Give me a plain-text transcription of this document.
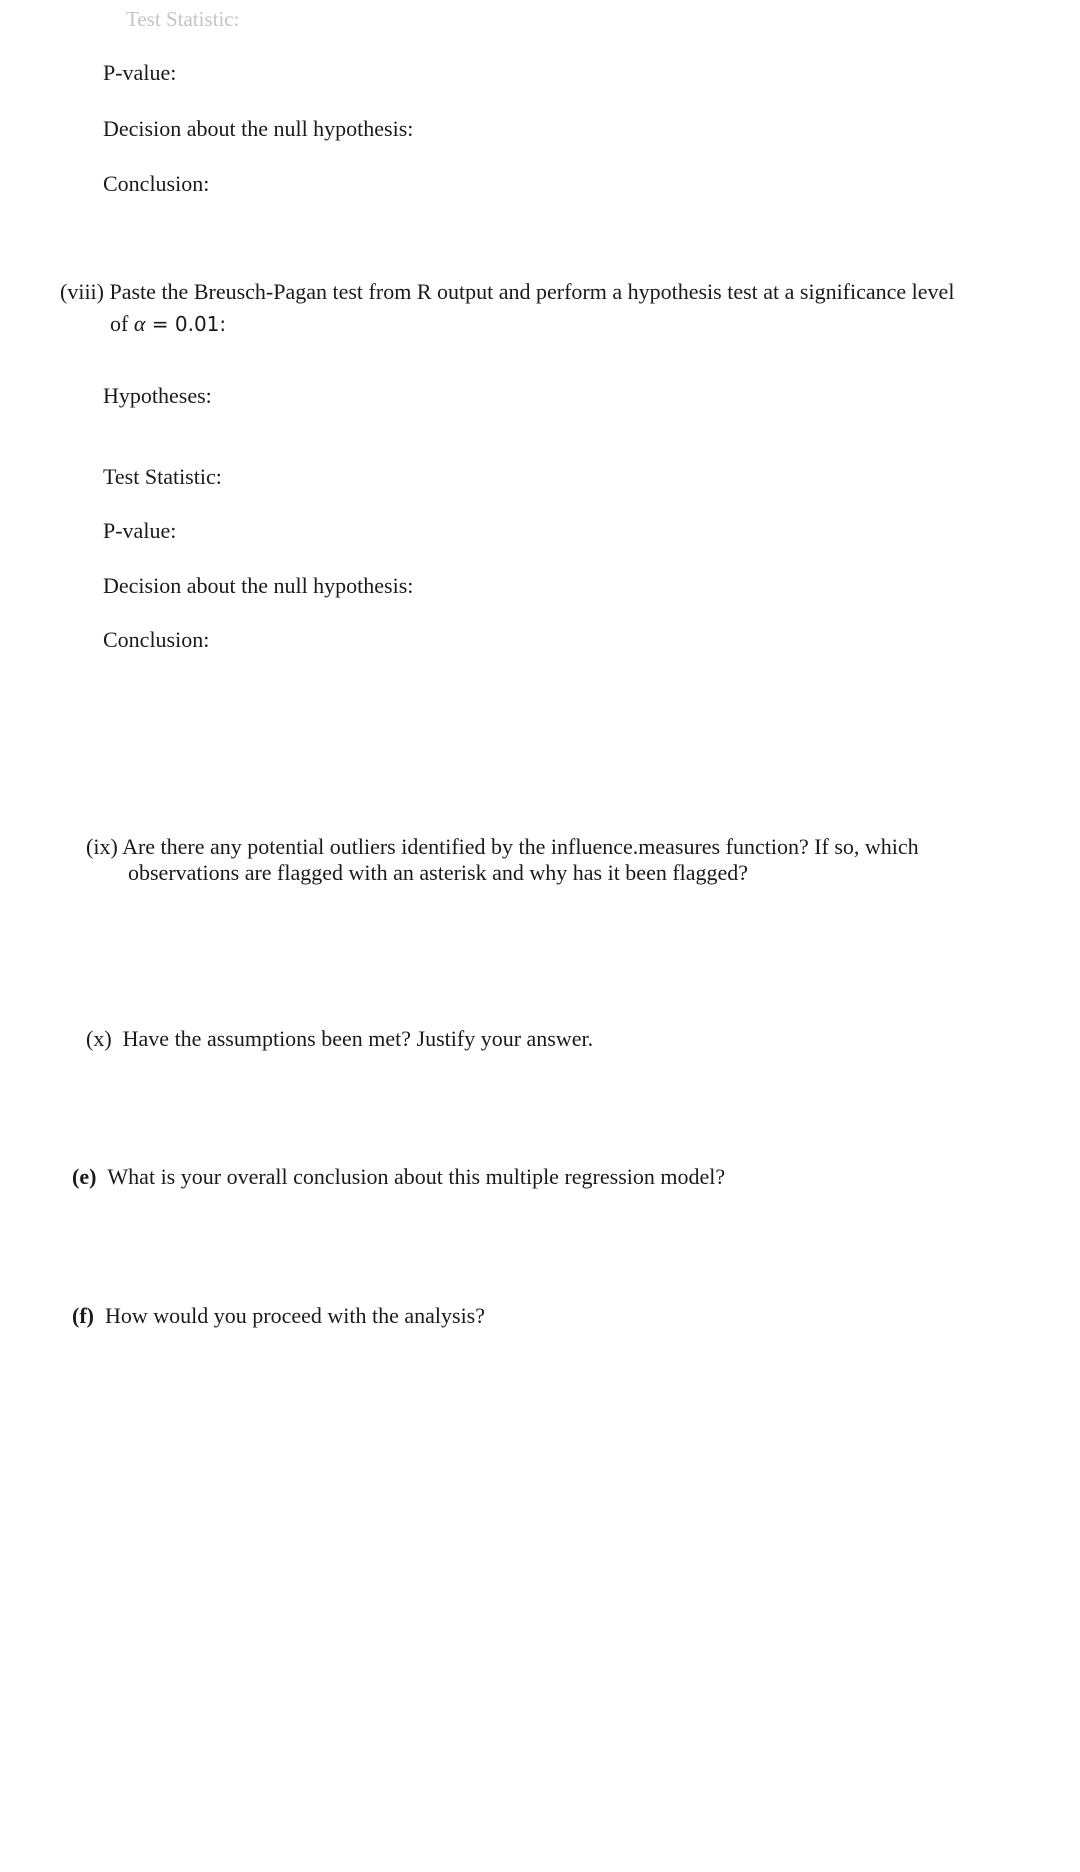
Test Statistic:
P-value:
Decision about the null hypothesis:
Conclusion:
(viii) Paste the Breusch-Pagan test from R output and perform a hypothesis test at a significance level
of α = 0.01:
Hypotheses:
Test Statistic:
P-value:
Decision about the null hypothesis:
Conclusion:
(ix) Are there any potential outliers identified by the influence.measures function? If so, which
observations are flagged with an asterisk and why has it been flagged?
(x) Have the assumptions been met? Justify your answer.
(e) What is your overall conclusion about this multiple regression model?
(f) How would you proceed with the analysis?
